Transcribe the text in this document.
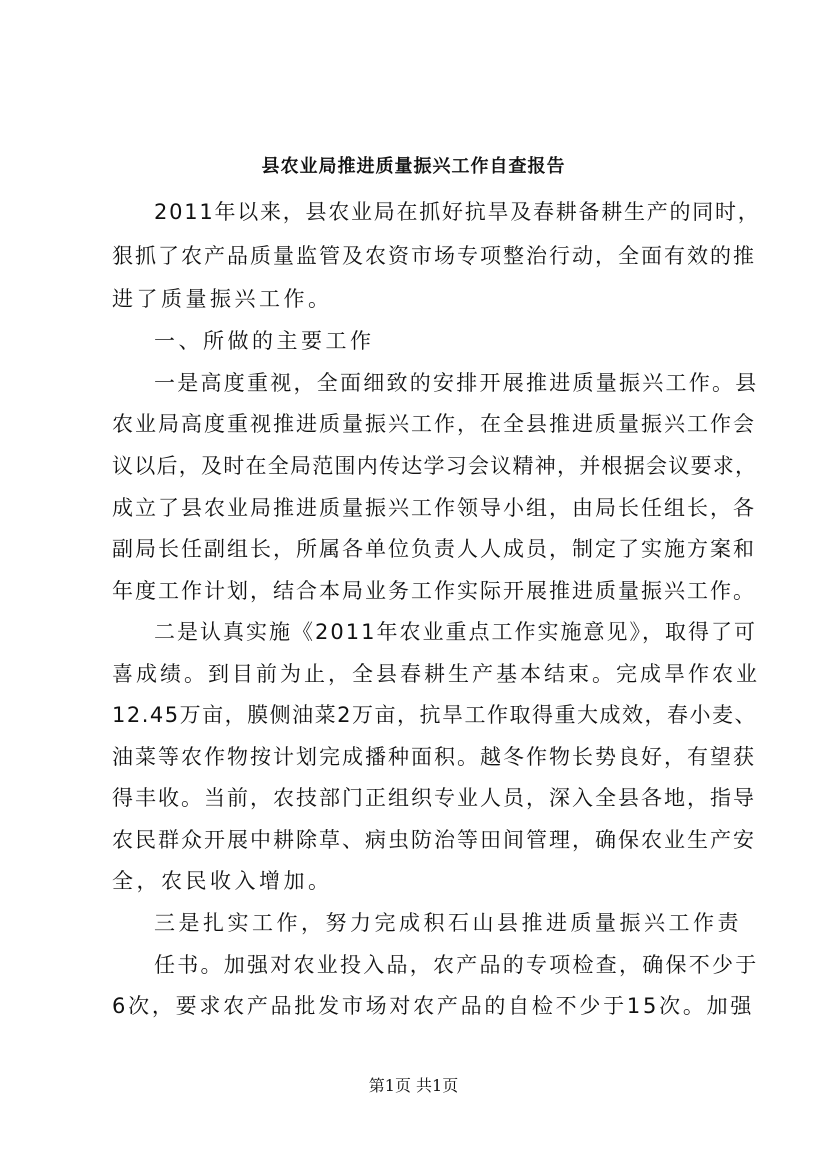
县农业局推进质量振兴工作自查报告
2011年以来，县农业局在抓好抗旱及春耕备耕生产的同时，
狠抓了农产品质量监管及农资市场专项整治行动，全面有效的推
进了质量振兴工作。
一、所做的主要工作
一是高度重视，全面细致的安排开展推进质量振兴工作。县
农业局高度重视推进质量振兴工作，在全县推进质量振兴工作会
议以后，及时在全局范围内传达学习会议精神，并根据会议要求，
成立了县农业局推进质量振兴工作领导小组，由局长任组长，各
副局长任副组长，所属各单位负责人人成员，制定了实施方案和
年度工作计划，结合本局业务工作实际开展推进质量振兴工作。
二是认真实施《2011年农业重点工作实施意见》，取得了可
喜成绩。到目前为止，全县春耕生产基本结束。完成旱作农业
12.45万亩，膜侧油菜2万亩，抗旱工作取得重大成效，春小麦、
油菜等农作物按计划完成播种面积。越冬作物长势良好，有望获
得丰收。当前，农技部门正组织专业人员，深入全县各地，指导
农民群众开展中耕除草、病虫防治等田间管理，确保农业生产安
全，农民收入增加。
三是扎实工作，努力完成积石山县推进质量振兴工作责
任书。加强对农业投入品，农产品的专项检查，确保不少于
6次，要求农产品批发市场对农产品的自检不少于15次。加强
第1页 共1页
